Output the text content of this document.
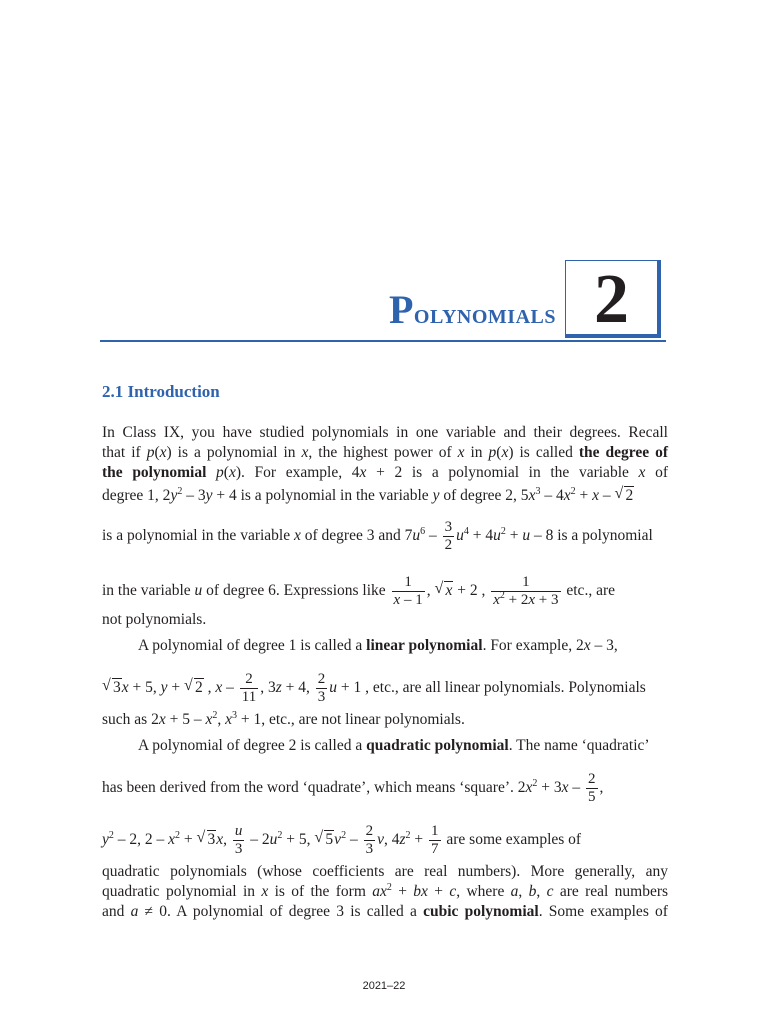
Polynomials 2
2.1 Introduction
In Class IX, you have studied polynomials in one variable and their degrees. Recall
that if p(x) is a polynomial in x, the highest power of x in p(x) is called the degree of
the polynomial p(x). For example, 4x + 2 is a polynomial in the variable x of
degree 1, $2y^2 - 3y + 4$ is a polynomial in the variable y of degree 2, $5x^3 - 4x^2 + x$ – √ 2
is a polynomial in the variable x of degree 3 and $7u^6 - \frac{3}{2} u^4 + 4u^2 + u - 8$ is a polynomial
in the variable u of degree 6. Expressions like $\frac{1}{x - 1}$ , √ x + 2 , $\frac{1}{x^2 + 2x + 3}$ etc., are
not polynomials.
A polynomial of degree 1 is called a linear polynomial. For example, 2x – 3,
√ 3x + 5, y + √ 2 , x – $\frac{2}{11}$ , 3z + 4, $\frac{2}{3}$ u + 1 , etc., are all linear polynomials. Polynomials
such as $2x + 5 - x^2$, $x^3 + 1$, etc., are not linear polynomials.
A polynomial of degree 2 is called a quadratic polynomial. The name ‘quadratic’
has been derived from the word ‘quadrate’, which means ‘square’. $2x^2 + 3x - \frac{2}{5}$ ,
$y^2 - 2$, $2 - x^2$ + √ 3x, $\frac{u}{3} - 2u^2 + 5$, √ $5v^2 - \frac{2}{3} v$, $4z^2 + \frac{1}{7}$ are some examples of
quadratic polynomials (whose coefficients are real numbers). More generally, any
quadratic polynomial in x is of the form $ax^2$ + bx + c, where a, b, c are real numbers
and a ≠ 0. A polynomial of degree 3 is called a cubic polynomial. Some examples of
2021–22
